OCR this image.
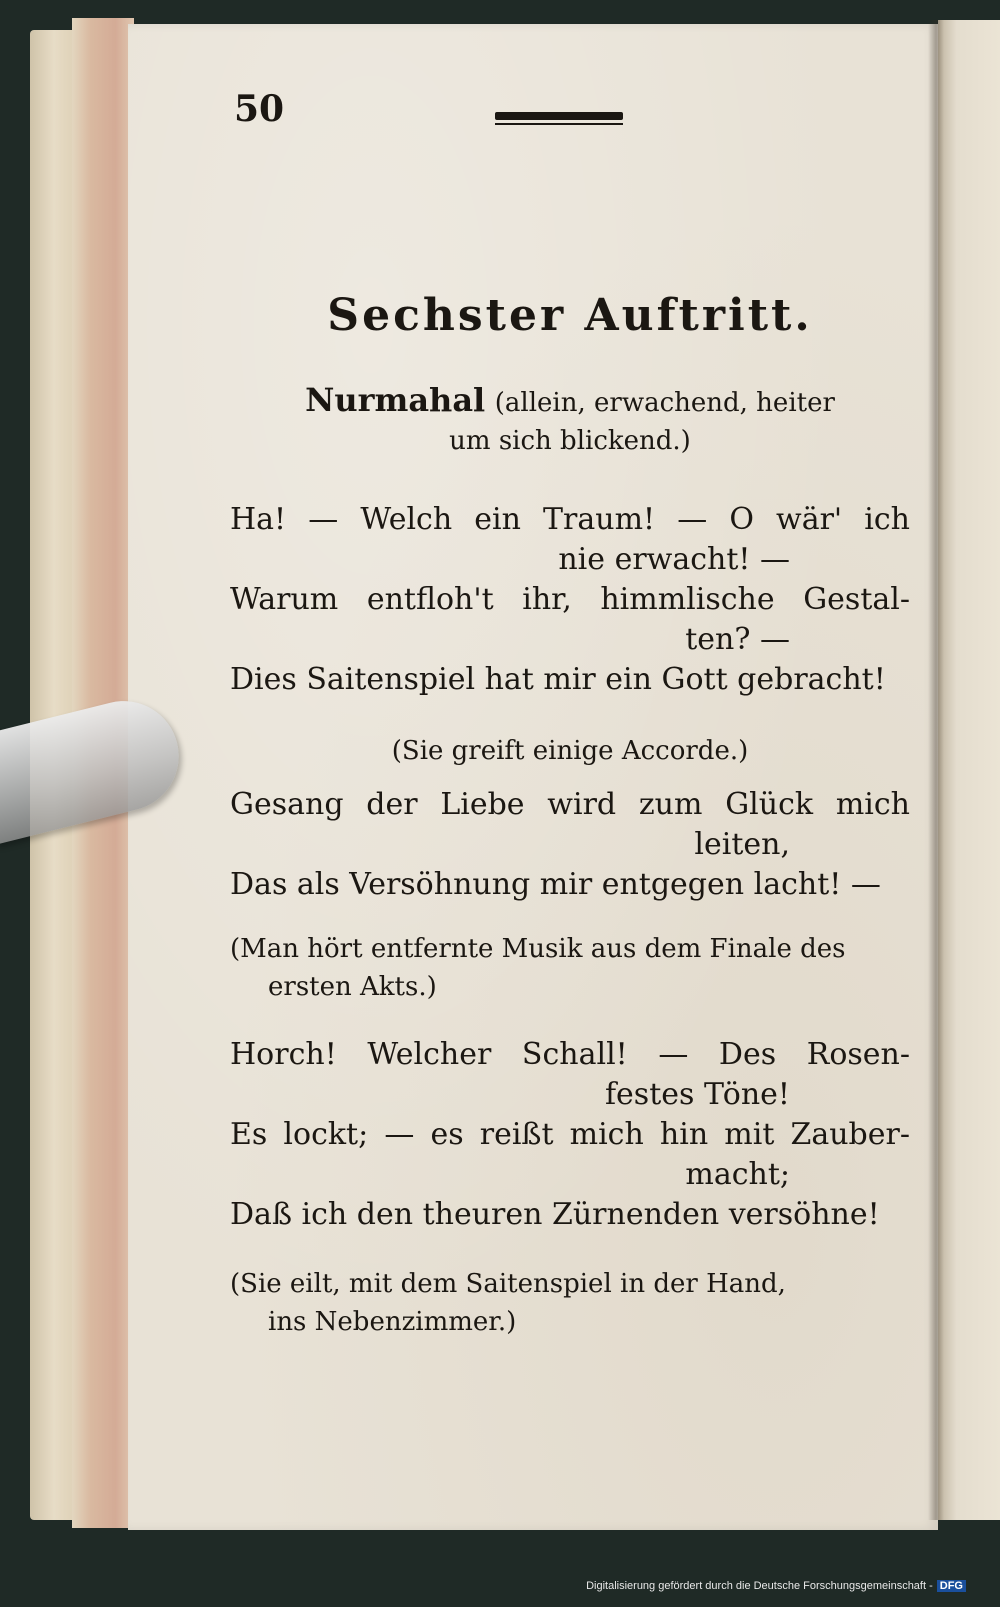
50
Sechster Auftritt.
Nurmahal (allein, erwachend, heiter
um sich blickend.)
Ha! — Welch ein Traum! — O wär' ich
nie erwacht! —
Warum entfloh't ihr, himmlische Gestal-
ten? —
Dies Saitenspiel hat mir ein Gott gebracht!
(Sie greift einige Accorde.)
Gesang der Liebe wird zum Glück mich
leiten,
Das als Versöhnung mir entgegen lacht! —
(Man hört entfernte Musik aus dem Finale des
ersten Akts.)
Horch! Welcher Schall! — Des Rosen-
festes Töne!
Es lockt; — es reißt mich hin mit Zauber-
macht;
Daß ich den theuren Zürnenden versöhne!
(Sie eilt, mit dem Saitenspiel in der Hand,
ins Nebenzimmer.)
Digitalisierung gefördert durch die Deutsche Forschungsgemeinschaft - DFG
